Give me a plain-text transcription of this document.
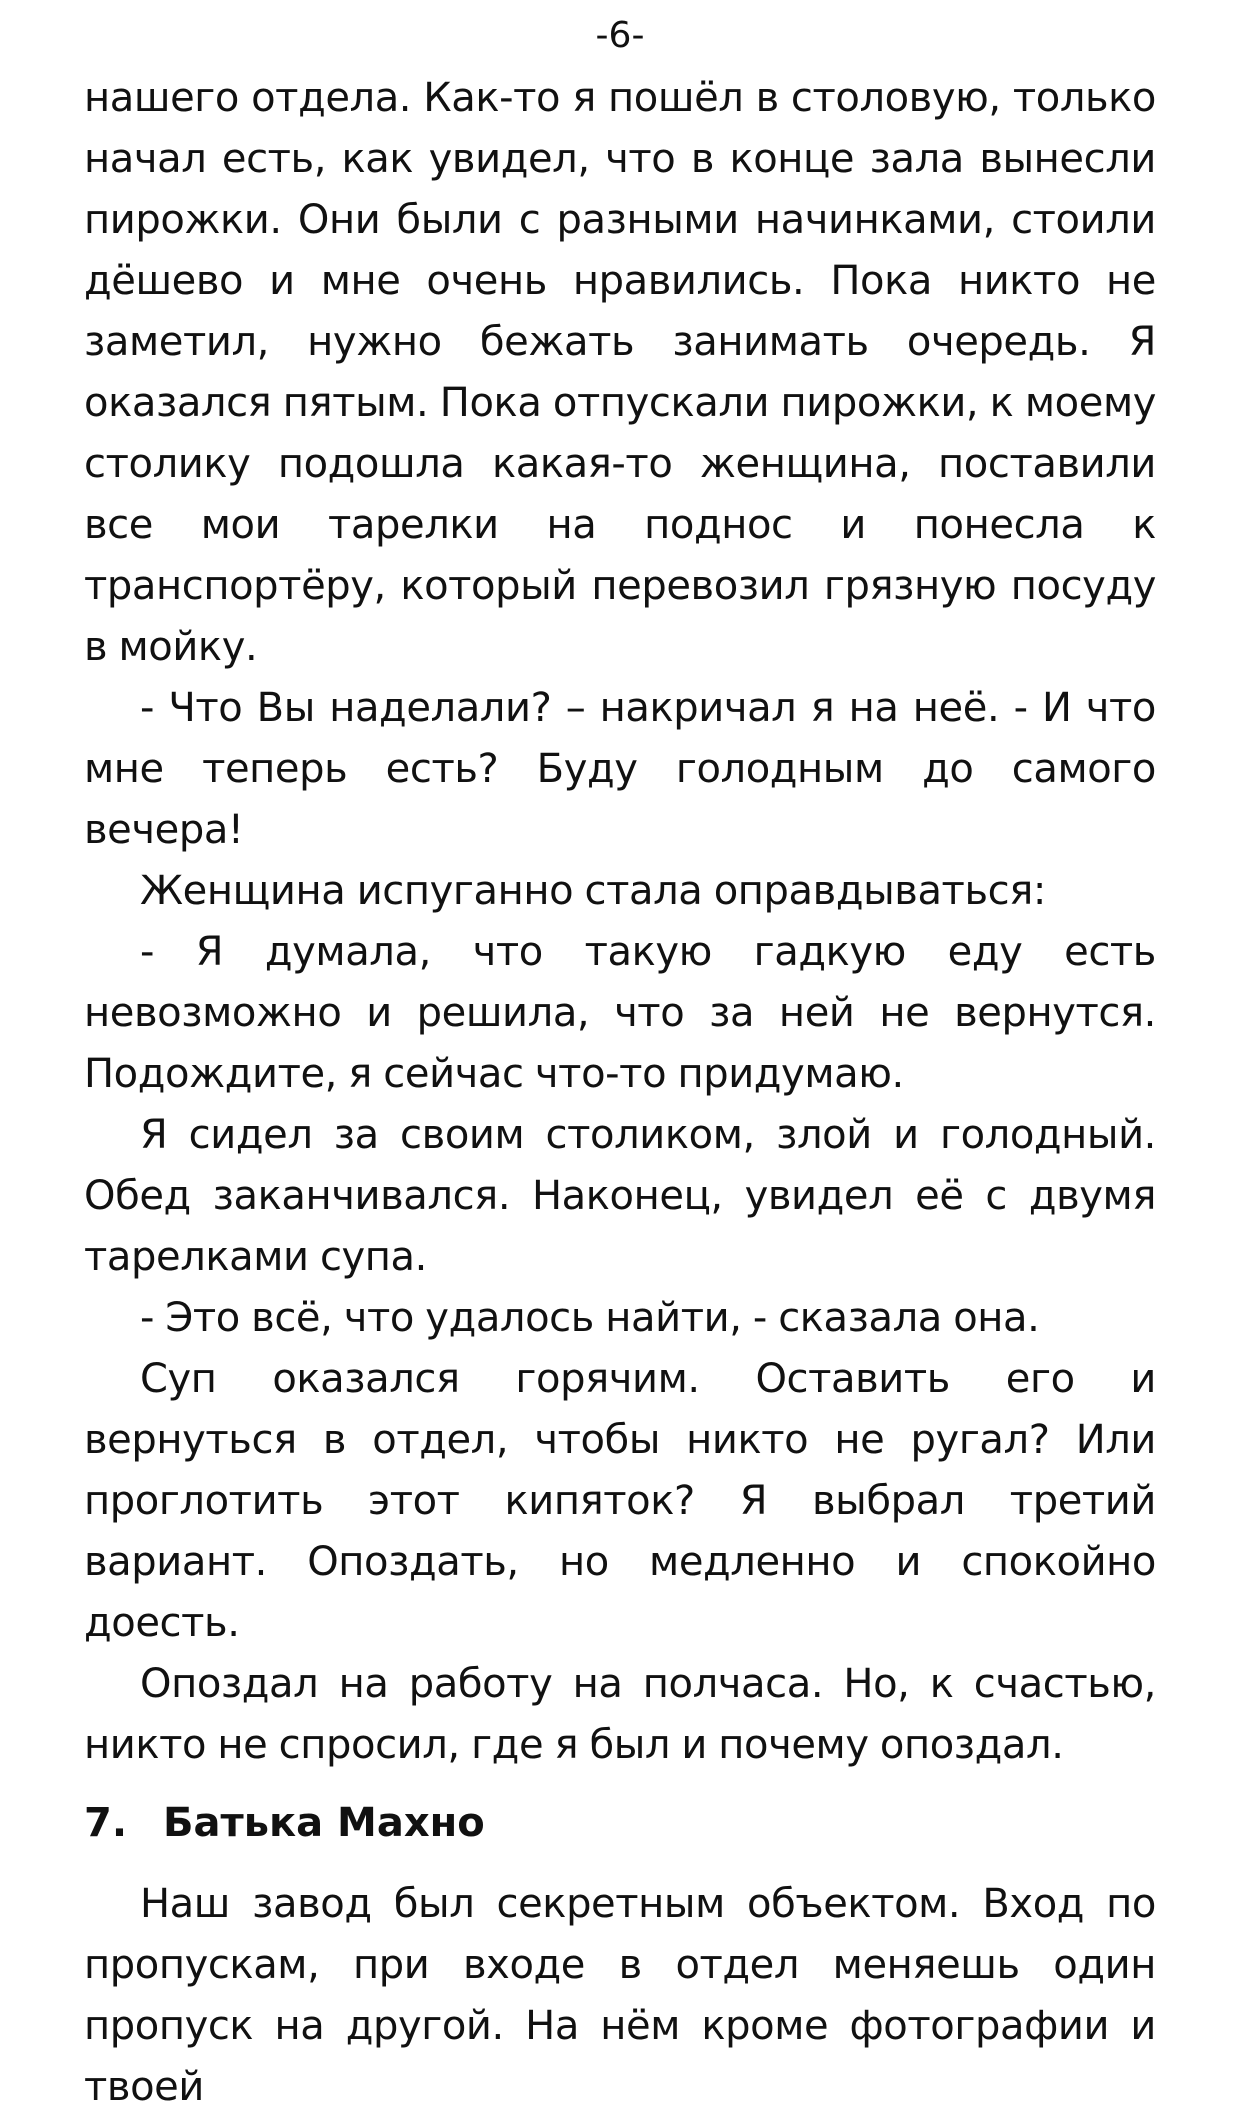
-6-

нашего отдела. Как-то я пошёл в столовую, только начал есть, как увидел, что в конце зала вынесли пирожки. Они были с разными начинками, стоили дёшево и мне очень нравились. Пока никто не заметил, нужно бежать занимать очередь. Я оказался пятым. Пока отпускали пирожки, к моему столику подошла какая-то женщина, поставили все мои тарелки на поднос и понесла к транспортёру, который перевозил грязную посуду в мойку.

- Что Вы наделали? – накричал я на неё. - И что мне теперь есть? Буду голодным до самого вечера!

Женщина испуганно стала оправдываться:

- Я думала, что такую гадкую еду есть невозможно и решила, что за ней не вернутся. Подождите, я сейчас что-то придумаю.

Я сидел за своим столиком, злой и голодный. Обед заканчивался. Наконец, увидел её с двумя тарелками супа.

- Это всё, что удалось найти, - сказала она.

Суп оказался горячим. Оставить его и вернуться в отдел, чтобы никто не ругал? Или проглотить этот кипяток? Я выбрал третий вариант. Опоздать, но медленно и спокойно доесть.

Опоздал на работу на полчаса. Но, к счастью, никто не спросил, где я был и почему опоздал.

7. Батька Махно

Наш завод был секретным объектом. Вход по пропускам, при входе в отдел меняешь один пропуск на другой. На нём кроме фотографии и твоей
